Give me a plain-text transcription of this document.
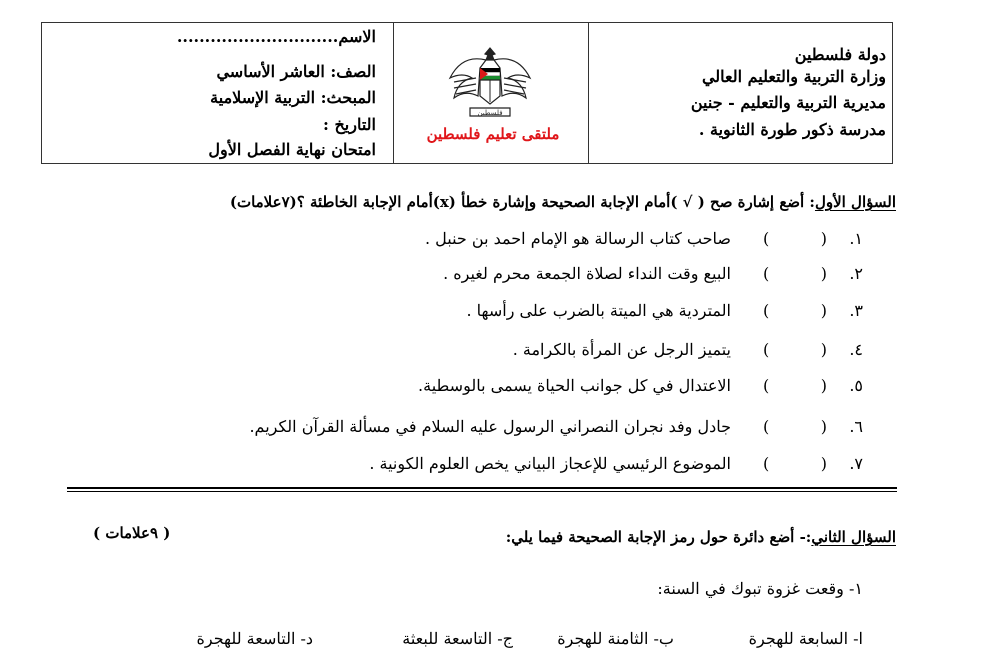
دولة فلسطين
وزارة التربية والتعليم العالي
مديرية التربية والتعليم - جنين
مدرسة ذكور طورة الثانوية .
فلسطين
ملتقى تعليم فلسطين
الاسم.............................
الصف: العاشر الأساسي
المبحث: التربية الإسلامية
التاريخ :
امتحان نهاية الفصل الأول
السؤال الأول: أضع إشارة صح ( √ )أمام الإجابة الصحيحة وإشارة خطأ (x)أمام الإجابة الخاطئة ؟(٧علامات)
١.
(
)
صاحب كتاب الرسالة هو الإمام احمد بن حنبل .
٢.
(
)
البيع وقت النداء لصلاة الجمعة محرم لغيره .
٣.
(
)
المتردية هي الميتة بالضرب على رأسها .
٤.
(
)
يتميز الرجل عن المرأة بالكرامة .
٥.
(
)
الاعتدال في كل جوانب الحياة يسمى بالوسطية.
٦.
(
)
جادل وفد نجران النصراني الرسول عليه السلام في مسألة القرآن الكريم.
٧.
(
)
الموضوع الرئيسي للإعجاز البياني يخص العلوم الكونية .
السؤال الثاني:- أضع دائرة حول رمز الإجابة الصحيحة فيما يلي:
( ٩علامات )
١- وقعت غزوة تبوك في السنة:
ا- السابعة للهجرة
ب- الثامنة للهجرة
ج- التاسعة للبعثة
د- التاسعة للهجرة
